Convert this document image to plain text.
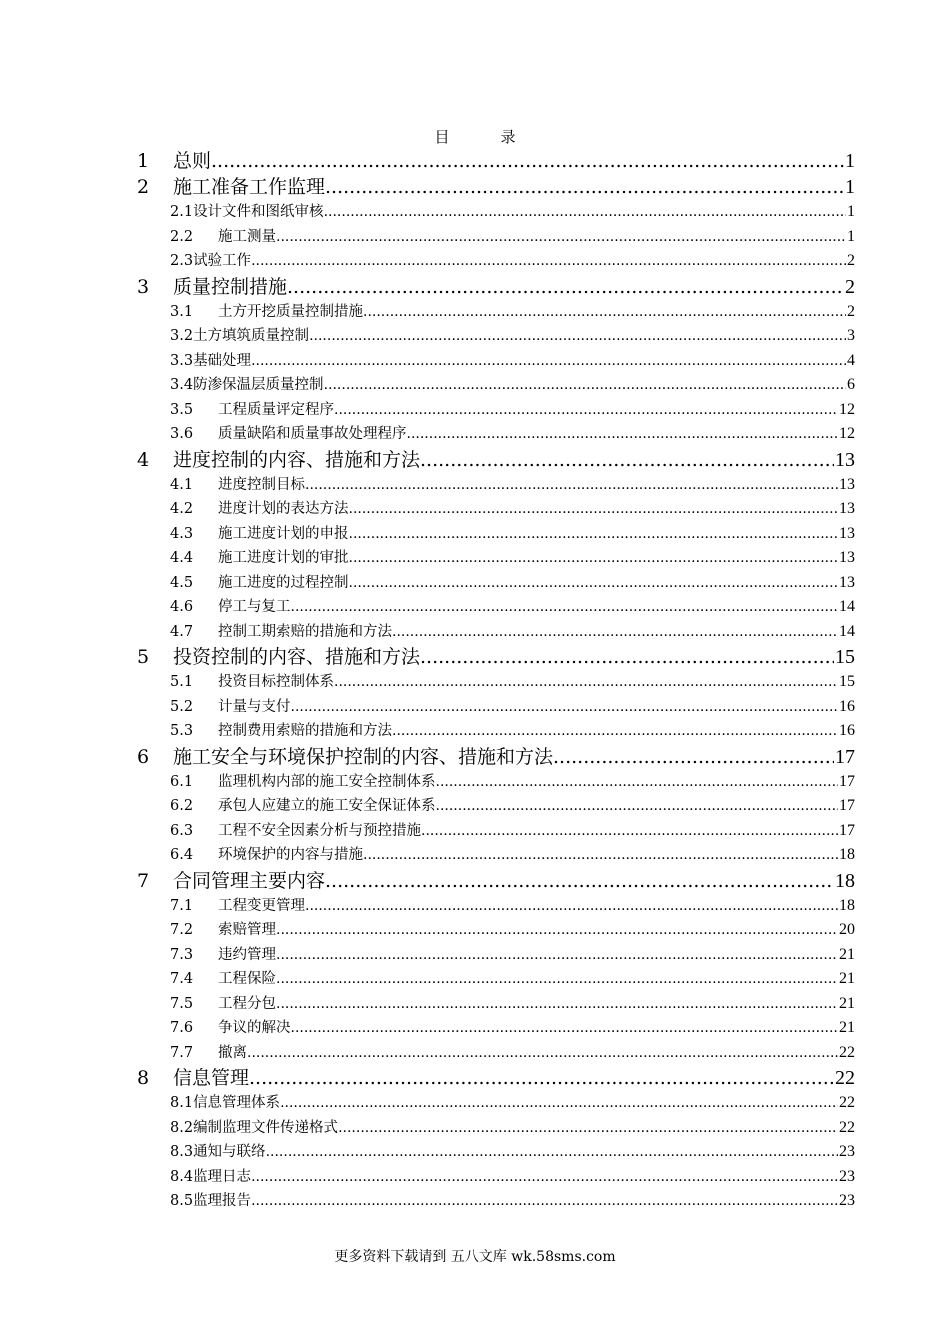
目　录
1	总则 .....	1
2	施工准备工作监理 .....	1
2.1 设计文件和图纸审核 .....	1
2.2	施工测量 .....	1
2.3 试验工作 .....	2
3	质量控制措施 .....	2
3.1	土方开挖质量控制措施 .....	2
3.2 土方填筑质量控制 .....	3
3.3 基础处理 .....	4
3.4 防渗保温层质量控制 .....	6
3.5	工程质量评定程序 .....	12
3.6	质量缺陷和质量事故处理程序 .....	12
4	进度控制的内容、措施和方法 .....	13
4.1	进度控制目标 .....	13
4.2	进度计划的表达方法 .....	13
4.3	施工进度计划的申报 .....	13
4.4	施工进度计划的审批 .....	13
4.5	施工进度的过程控制 .....	13
4.6	停工与复工 .....	14
4.7	控制工期索赔的措施和方法 .....	14
5	投资控制的内容、措施和方法 .....	15
5.1	投资目标控制体系 .....	15
5.2	计量与支付 .....	16
5.3	控制费用索赔的措施和方法 .....	16
6	施工安全与环境保护控制的内容、措施和方法 .....	17
6.1	监理机构内部的施工安全控制体系 .....	17
6.2	承包人应建立的施工安全保证体系 .....	17
6.3	工程不安全因素分析与预控措施 .....	17
6.4	环境保护的内容与措施 .....	18
7	合同管理主要内容 .....	18
7.1	工程变更管理 .....	18
7.2	索赔管理 .....	20
7.3	违约管理 .....	21
7.4	工程保险 .....	21
7.5	工程分包 .....	21
7.6	争议的解决 .....	21
7.7	撤离 .....	22
8	信息管理 .....	22
8.1 信息管理体系 .....	22
8.2 编制监理文件传递格式 .....	22
8.3 通知与联络 .....	23
8.4 监理日志 .....	23
8.5 监理报告 .....	23
更多资料下载请到 五八文库 wk.58sms.com
